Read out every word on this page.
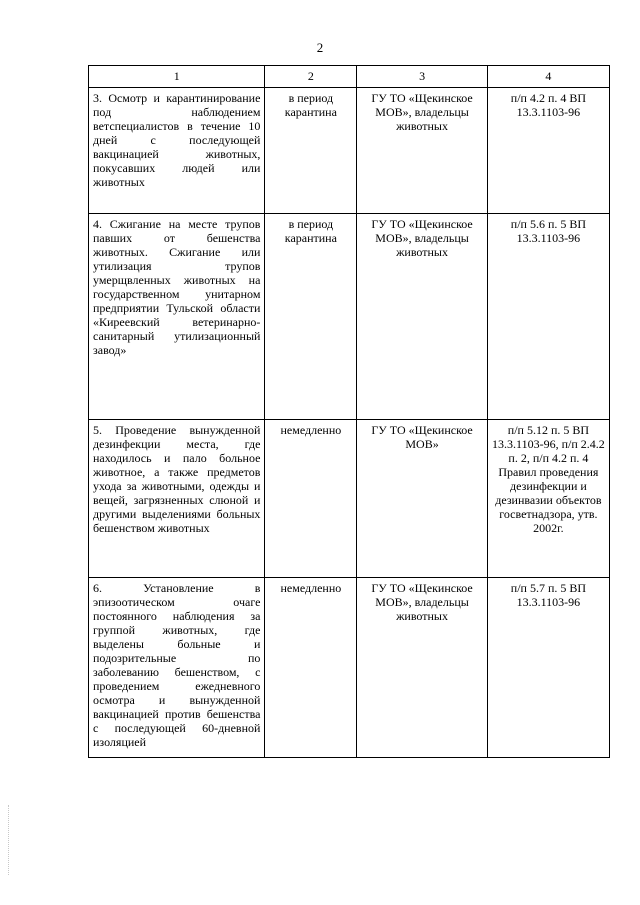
2
1	2	3	4
3. Осмотр и карантинирование под наблюдением ветспециалистов в течение 10 дней с последующей вакцинацией животных, покусавших людей или животных	в период карантина	ГУ ТО «Щекинское МОВ», владельцы животных	п/п 4.2 п. 4 ВП 13.3.1103-96
4. Сжигание на месте трупов павших от бешенства животных. Сжигание или утилизация трупов умерщвленных животных на государственном унитарном предприятии Тульской области «Киреевский ветеринарно-санитарный утилизационный завод»	в период карантина	ГУ ТО «Щекинское МОВ», владельцы животных	п/п 5.6 п. 5 ВП 13.3.1103-96
5. Проведение вынужденной дезинфекции места, где находилось и пало больное животное, а также предметов ухода за животными, одежды и вещей, загрязненных слюной и другими выделениями больных бешенством животных	немедленно	ГУ ТО «Щекинское МОВ»	п/п 5.12 п. 5 ВП 13.3.1103-96, п/п 2.4.2 п. 2, п/п 4.2 п. 4 Правил проведения дезинфекции и дезинвазии объектов госветнадзора, утв. 2002г.
6. Установление в эпизоотическом очаге постоянного наблюдения за группой животных, где выделены больные и подозрительные по заболеванию бешенством, с проведением ежедневного осмотра и вынужденной вакцинацией против бешенства с последующей 60-дневной изоляцией	немедленно	ГУ ТО «Щекинское МОВ», владельцы животных	п/п 5.7 п. 5 ВП 13.3.1103-96
